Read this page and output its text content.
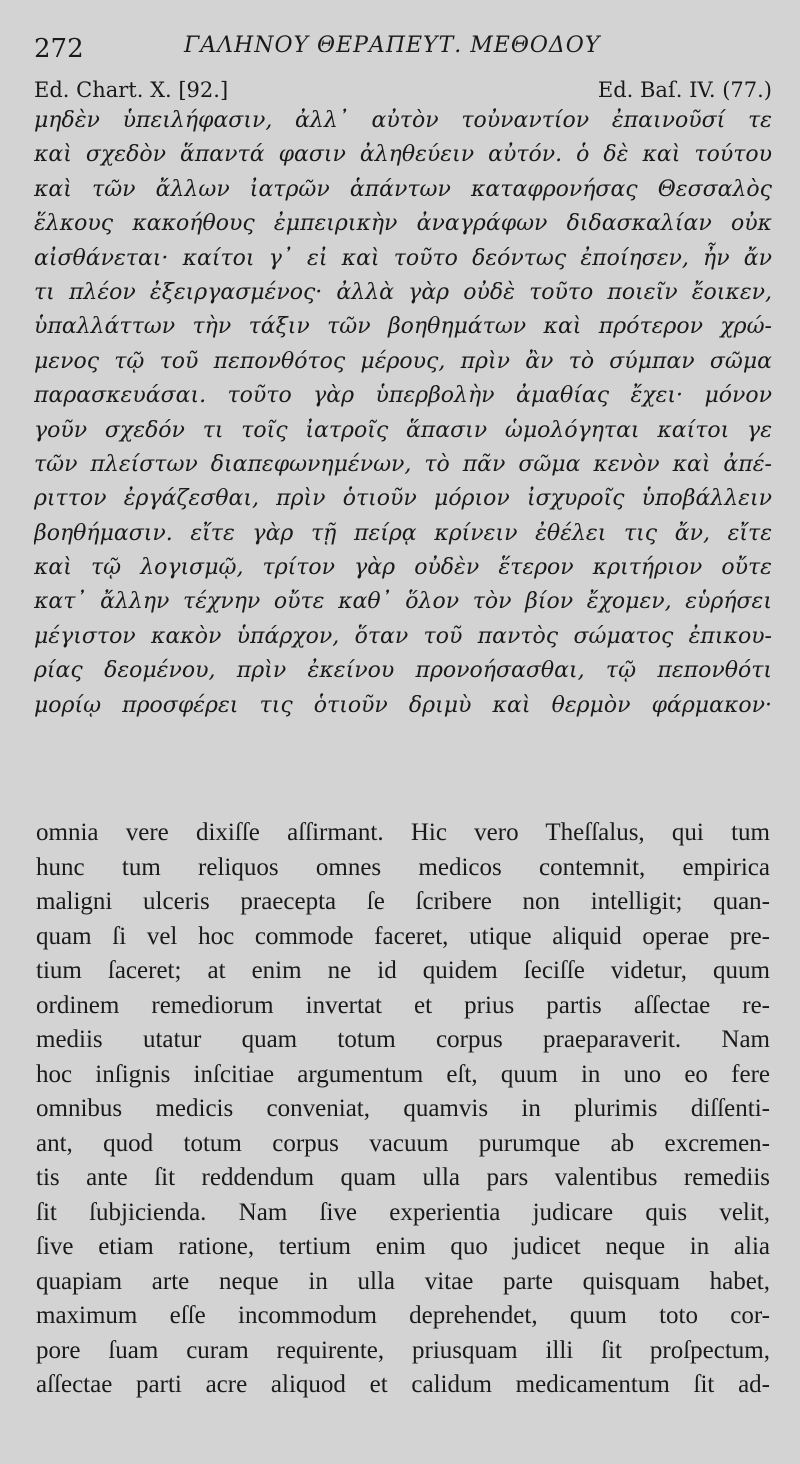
272	ΓΑΛΗΝΟΥ ΘΕΡΑΠΕΥΤ. ΜΕΘΟΔΟΥ
Ed. Chart. X. [92.]	Ed. Baſ. IV. (77.)
μηδὲν ὑπειλήφασιν, ἀλλ᾽ αὐτὸν τοὐναντίον ἐπαινοῦσί τε
καὶ σχεδὸν ἅπαντά φασιν ἀληθεύειν αὐτόν. ὁ δὲ καὶ τούτου
καὶ τῶν ἄλλων ἰατρῶν ἁπάντων καταφρονήσας Θεσσαλὸς
ἕλκους κακοήθους ἐμπειρικὴν ἀναγράφων διδασκαλίαν οὐκ
αἰσθάνεται· καίτοι γ᾽ εἰ καὶ τοῦτο δεόντως ἐποίησεν, ἦν ἄν
τι πλέον ἐξειργασμένος· ἀλλὰ γὰρ οὐδὲ τοῦτο ποιεῖν ἔοικεν,
ὑπαλλάττων τὴν τάξιν τῶν βοηθημάτων καὶ πρότερον χρώ-
μενος τῷ τοῦ πεπονθότος μέρους, πρὶν ἂν τὸ σύμπαν σῶμα
παρασκευάσαι. τοῦτο γὰρ ὑπερβολὴν ἀμαθίας ἔχει· μόνον
γοῦν σχεδόν τι τοῖς ἰατροῖς ἅπασιν ὡμολόγηται καίτοι γε
τῶν πλείστων διαπεφωνημένων, τὸ πᾶν σῶμα κενὸν καὶ ἀπέ-
ριττον ἐργάζεσθαι, πρὶν ὁτιοῦν μόριον ἰσχυροῖς ὑποβάλλειν
βοηθήμασιν. εἴτε γὰρ τῇ πείρᾳ κρίνειν ἐθέλει τις ἄν, εἴτε
καὶ τῷ λογισμῷ, τρίτον γὰρ οὐδὲν ἕτερον κριτήριον οὔτε
κατ᾽ ἄλλην τέχνην οὔτε καθ᾽ ὅλον τὸν βίον ἔχομεν, εὑρήσει
μέγιστον κακὸν ὑπάρχον, ὅταν τοῦ παντὸς σώματος ἐπικου-
ρίας δεομένου, πρὶν ἐκείνου προνοήσασθαι, τῷ πεπονθότι
μορίῳ προσφέρει τις ὁτιοῦν δριμὺ καὶ θερμὸν φάρμακον·
omnia vere dixiſſe aſſirmant. Hic vero Theſſalus, qui tum
hunc tum reliquos omnes medicos contemnit, empirica
maligni ulceris praecepta ſe ſcribere non intelligit; quan-
quam ſi vel hoc commode faceret, utique aliquid operae pre-
tium ſaceret; at enim ne id quidem ſeciſſe videtur, quum
ordinem remediorum invertat et prius partis aſſectae re-
mediis utatur quam totum corpus praeparaverit. Nam
hoc inſignis inſcitiae argumentum eſt, quum in uno eo fere
omnibus medicis conveniat, quamvis in plurimis diſſenti-
ant, quod totum corpus vacuum purumque ab excremen-
tis ante ſit reddendum quam ulla pars valentibus remediis
ſit ſubjicienda. Nam ſive experientia judicare quis velit,
ſive etiam ratione, tertium enim quo judicet neque in alia
quapiam arte neque in ulla vitae parte quisquam habet,
maximum eſſe incommodum deprehendet, quum toto cor-
pore ſuam curam requirente, priusquam illi ſit proſpectum,
aſſectae parti acre aliquod et calidum medicamentum ſit ad-
